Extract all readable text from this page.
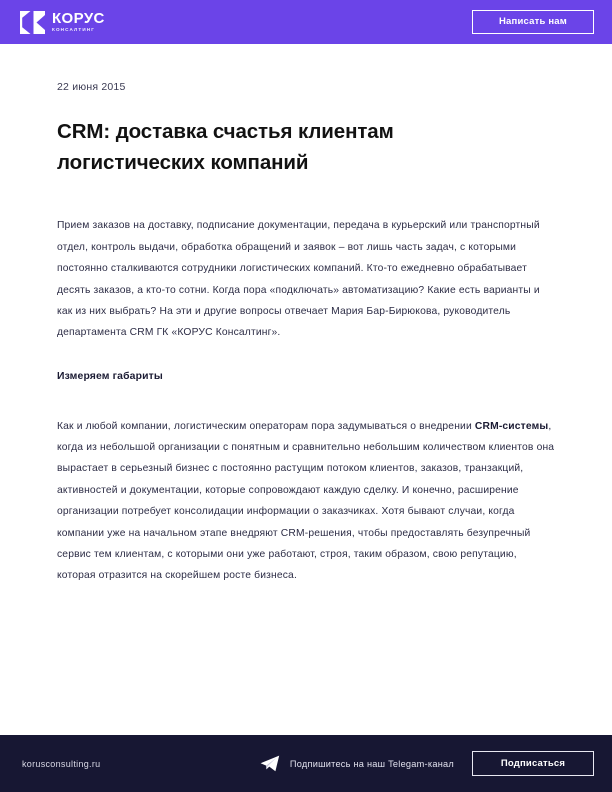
КОРУС
КОНСАЛТИНГ
Написать нам
22 июня 2015
CRM: доставка счастья клиентам логистических компаний

Прием заказов на доставку, подписание документации, передача в курьерский или транспортный отдел, контроль выдачи, обработка обращений и заявок – вот лишь часть задач, с которыми постоянно сталкиваются сотрудники логистических компаний. Кто-то ежедневно обрабатывает десять заказов, а кто-то сотни. Когда пора «подключать» автоматизацию? Какие есть варианты и как из них выбрать? На эти и другие вопросы отвечает Мария Бар-Бирюкова, руководитель департамента CRM ГК «КОРУС Консалтинг».

Измеряем габариты

Как и любой компании, логистическим операторам пора задумываться о внедрении CRM-системы, когда из небольшой организации с понятным и сравнительно небольшим количеством клиентов она вырастает в серьезный бизнес с постоянно растущим потоком клиентов, заказов, транзакций, активностей и документации, которые сопровождают каждую сделку. И конечно, расширение организации потребует консолидации информации о заказчиках. Хотя бывают случаи, когда компании уже на начальном этапе внедряют CRM-решения, чтобы предоставлять безупречный сервис тем клиентам, с которыми они уже работают, строя, таким образом, свою репутацию, которая отразится на скорейшем росте бизнеса.

korusconsulting.ru	Подпишитесь на наш Telegam-канал	Подписаться
